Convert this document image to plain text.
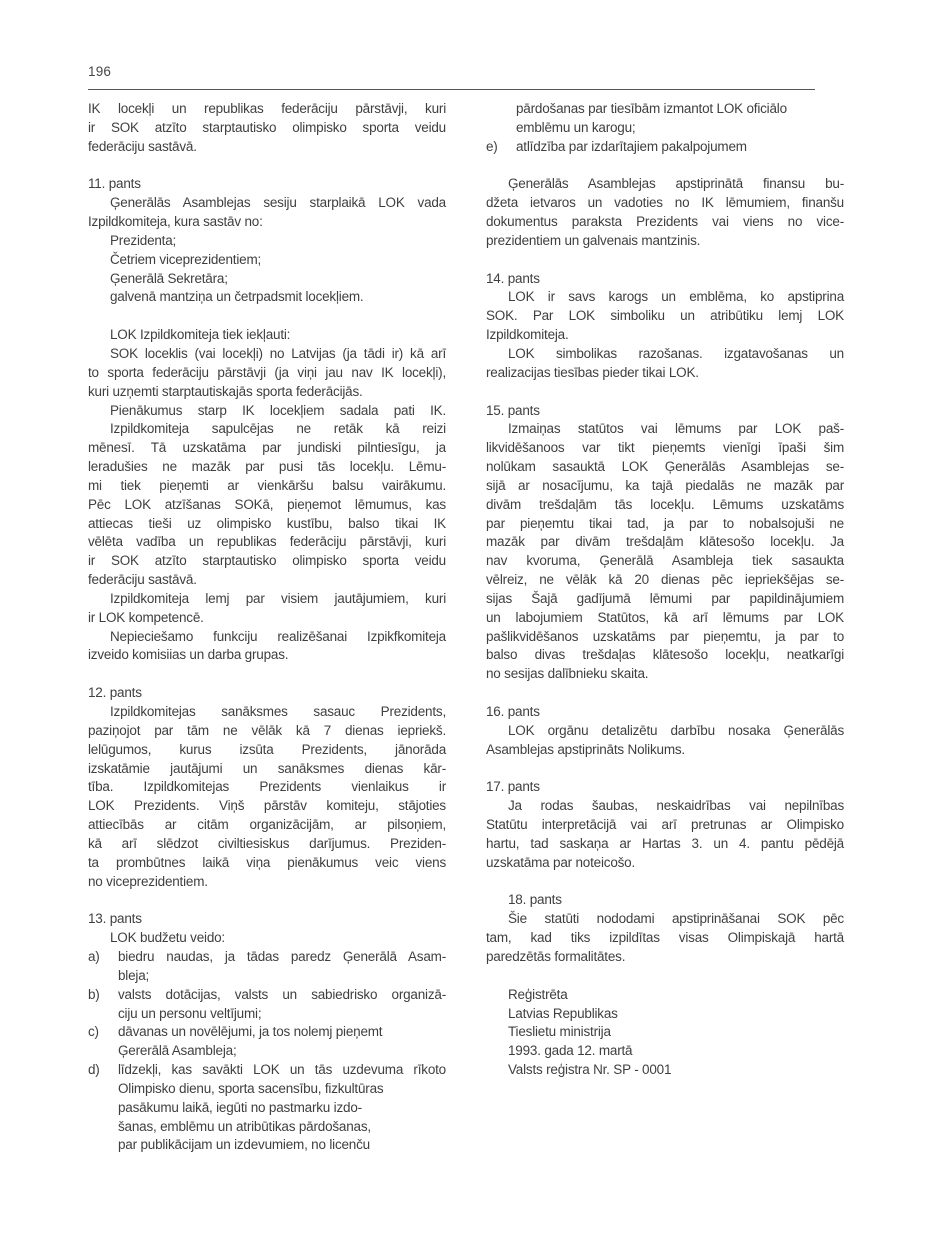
196
IK locekļi un republikas federāciju pārstāvji, kuri
ir SOK atzīto starptautisko olimpisko sporta veidu
federāciju sastāvā.

11. pants
Ģenerālās Asamblejas sesiju starplaikā LOK vada
Izpildkomiteja, kura sastāv no:
Prezidenta;
Četriem viceprezidentiem;
Ģenerālā Sekretāra;
galvenā mantziņa un četrpadsmit locekļiem.

LOK Izpildkomiteja tiek iekļauti:
SOK loceklis (vai locekļi) no Latvijas (ja tādi ir) kā arī
to sporta federāciju pārstāvji (ja viņi jau nav IK locekļi),
kuri uzņemti starptautiskajās sporta federācijās.
Pienākumus starp IK locekļiem sadala pati IK.
Izpildkomiteja sapulcējas ne retāk kā reizi
mēnesī. Tā uzskatāma par jundiski pilntiesīgu, ja
leradušies ne mazāk par pusi tās locekļu. Lēmu-
mi tiek pieņemti ar vienkāršu balsu vairākumu.
Pēc LOK atzīšanas SOKā, pieņemot lēmumus, kas
attiecas tieši uz olimpisko kustību, balso tikai IK
vēlēta vadība un republikas federāciju pārstāvji, kuri
ir SOK atzīto starptautisko olimpisko sporta veidu
federāciju sastāvā.
Izpildkomiteja lemj par visiem jautājumiem, kuri
ir LOK kompetencē.
Nepieciešamo funkciju realizēšanai Izpikfkomiteja
izveido komisiias un darba grupas.

12. pants
Izpildkomitejas sanāksmes sasauc Prezidents,
paziņojot par tām ne vēlāk kā 7 dienas iepriekš.
lelūgumos, kurus izsūta Prezidents, jānorāda
izskatāmie jautājumi un sanāksmes dienas kār-
tība. Izpildkomitejas Prezidents vienlaikus ir
LOK Prezidents. Viņš pārstāv komiteju, stājoties
attiecībās ar citām organizācijām, ar pilsoņiem,
kā arī slēdzot civiltiesiskus darījumus. Preziden-
ta prombūtnes laikā viņa pienākumus veic viens
no viceprezidentiem.

13. pants
LOK budžetu veido:
a) biedru naudas, ja tādas paredz Ģenerālā Asam-
bleja;
b) valsts dotācijas, valsts un sabiedrisko organizā-
ciju un personu veltījumi;
c) dāvanas un novēlējumi, ja tos nolemj pieņemt
Ģererālā Asambleja;
d) līdzekļi, kas savākti LOK un tās uzdevuma rīkoto
Olimpisko dienu, sporta sacensību, fizkultūras
pasākumu laikā, iegūti no pastmarku izdo-
šanas, emblēmu un atribūtikas pārdošanas,
par publikācijam un izdevumiem, no licenču
pārdošanas par tiesībām izmantot LOK oficiālo
emblēmu un karogu;
e) atlīdzība par izdarītajiem pakalpojumem

Ģenerālās Asamblejas apstiprinātā finansu bu-
džeta ietvaros un vadoties no IK lēmumiem, finanšu
dokumentus paraksta Prezidents vai viens no vice-
prezidentiem un galvenais mantzinis.

14. pants
LOK ir savs karogs un emblēma, ko apstiprina
SOK. Par LOK simboliku un atribūtiku lemj LOK
Izpildkomiteja.
LOK simbolikas razošanas. izgatavošanas un
realizacijas tiesības pieder tikai LOK.

15. pants
Izmaiņas statūtos vai lēmums par LOK paš-
likvidēšanoos var tikt pieņemts vienīgi īpaši šim
nolūkam sasauktā LOK Ģenerālās Asamblejas se-
sijā ar nosacījumu, ka tajā piedalās ne mazāk par
divām trešdaļām tās locekļu. Lēmums uzskatāms
par pieņemtu tikai tad, ja par to nobalsojuši ne
mazāk par divām trešdaļām klātesošo locekļu. Ja
nav kvoruma, Ģenerālā Asambleja tiek sasaukta
vēlreiz, ne vēlāk kā 20 dienas pēc iepriekšējas se-
sijas Šajā gadījumā lēmumi par papildinājumiem
un labojumiem Statūtos, kā arī lēmums par LOK
pašlikvidēšanos uzskatāms par pieņemtu, ja par to
balso divas trešdaļas klātesošo locekļu, neatkarīgi
no sesijas dalībnieku skaita.

16. pants
LOK orgānu detalizētu darbību nosaka Ģenerālās
Asamblejas apstiprināts Nolikums.

17. pants
Ja rodas šaubas, neskaidrības vai nepilnības
Statūtu interpretācijā vai arī pretrunas ar Olimpisko
hartu, tad saskaņa ar Hartas 3. un 4. pantu pēdējā
uzskatāma par noteicošo.

18. pants
Šie statūti nododami apstiprināšanai SOK pēc
tam, kad tiks izpildītas visas Olimpiskajā hartā
paredzētās formalitātes.

Reģistrēta
Latvias Republikas
Tieslietu ministrija
1993. gada 12. martā
Valsts reģistra Nr. SP - 0001
